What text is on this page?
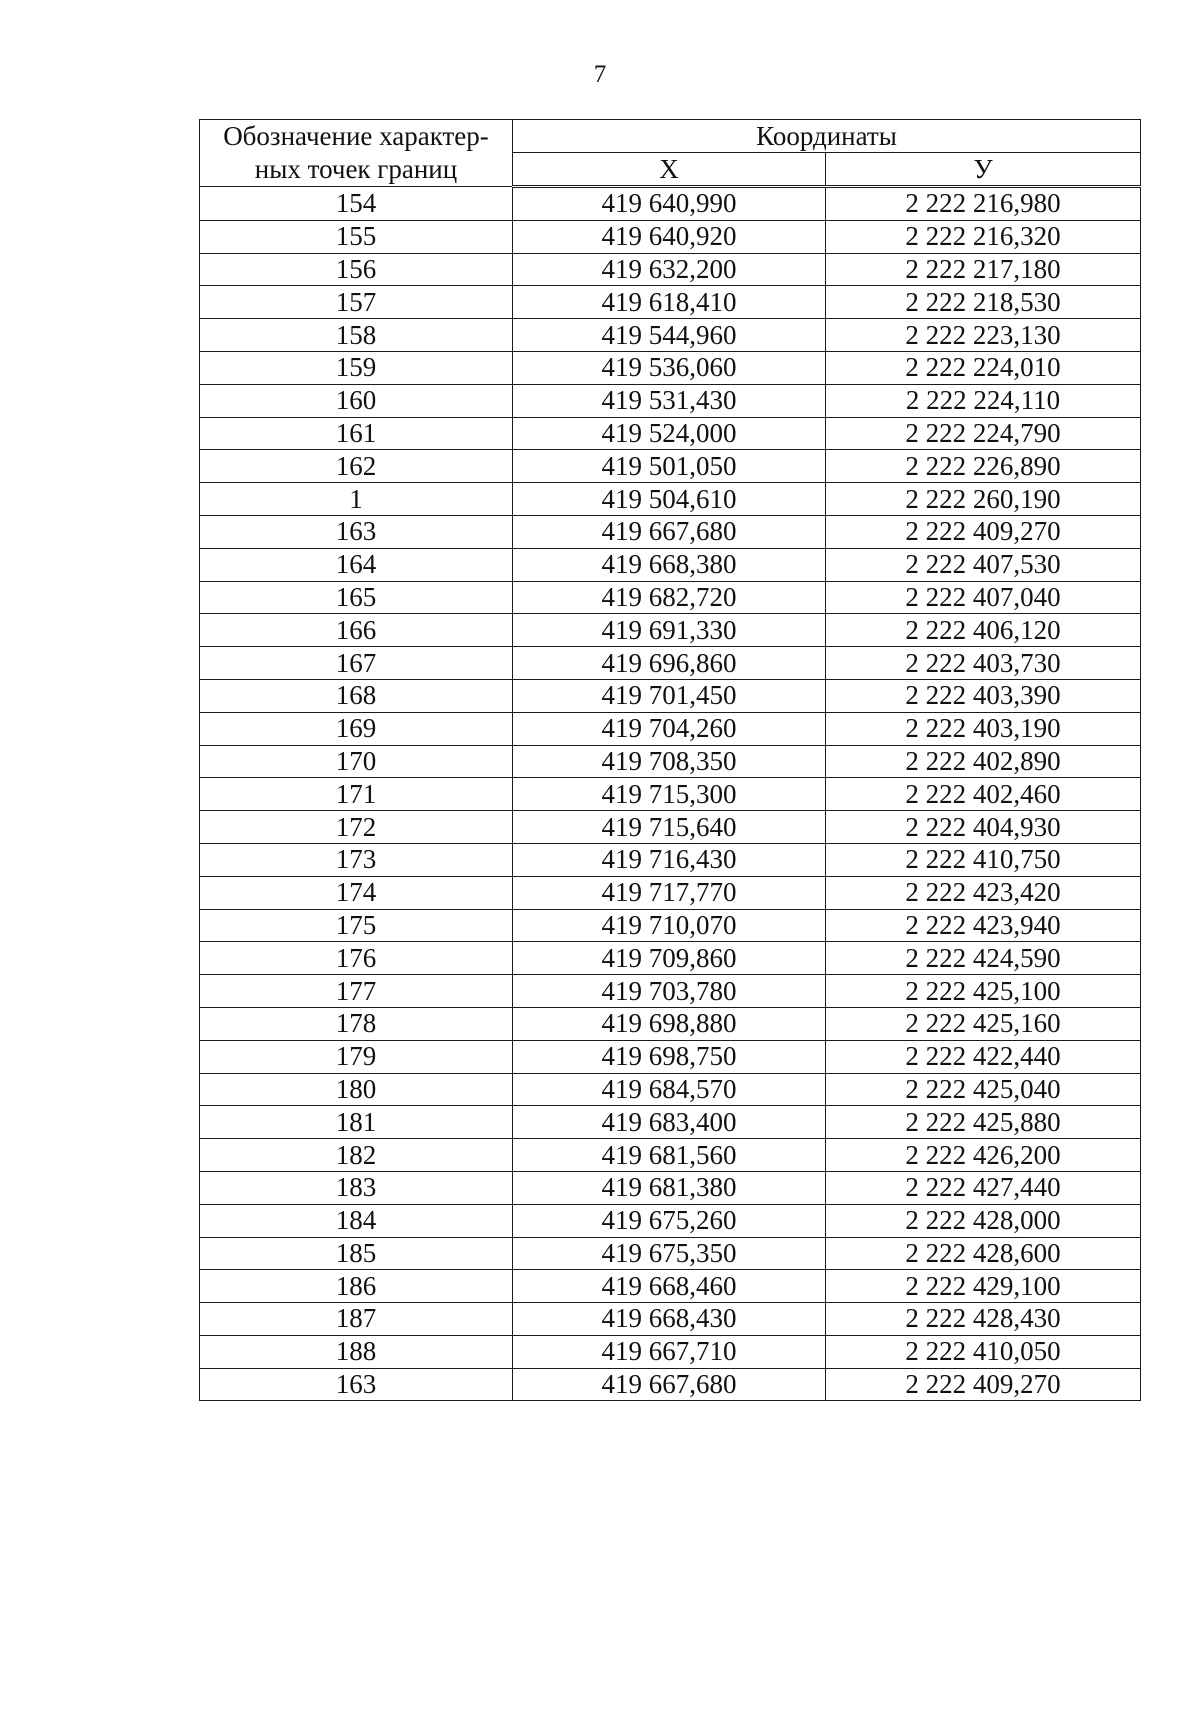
7
Обозначение характер-
ных точек границ	Координаты	
	X	У
154	419 640,990	2 222 216,980
155	419 640,920	2 222 216,320
156	419 632,200	2 222 217,180
157	419 618,410	2 222 218,530
158	419 544,960	2 222 223,130
159	419 536,060	2 222 224,010
160	419 531,430	2 222 224,110
161	419 524,000	2 222 224,790
162	419 501,050	2 222 226,890
1	419 504,610	2 222 260,190
163	419 667,680	2 222 409,270
164	419 668,380	2 222 407,530
165	419 682,720	2 222 407,040
166	419 691,330	2 222 406,120
167	419 696,860	2 222 403,730
168	419 701,450	2 222 403,390
169	419 704,260	2 222 403,190
170	419 708,350	2 222 402,890
171	419 715,300	2 222 402,460
172	419 715,640	2 222 404,930
173	419 716,430	2 222 410,750
174	419 717,770	2 222 423,420
175	419 710,070	2 222 423,940
176	419 709,860	2 222 424,590
177	419 703,780	2 222 425,100
178	419 698,880	2 222 425,160
179	419 698,750	2 222 422,440
180	419 684,570	2 222 425,040
181	419 683,400	2 222 425,880
182	419 681,560	2 222 426,200
183	419 681,380	2 222 427,440
184	419 675,260	2 222 428,000
185	419 675,350	2 222 428,600
186	419 668,460	2 222 429,100
187	419 668,430	2 222 428,430
188	419 667,710	2 222 410,050
163	419 667,680	2 222 409,270
